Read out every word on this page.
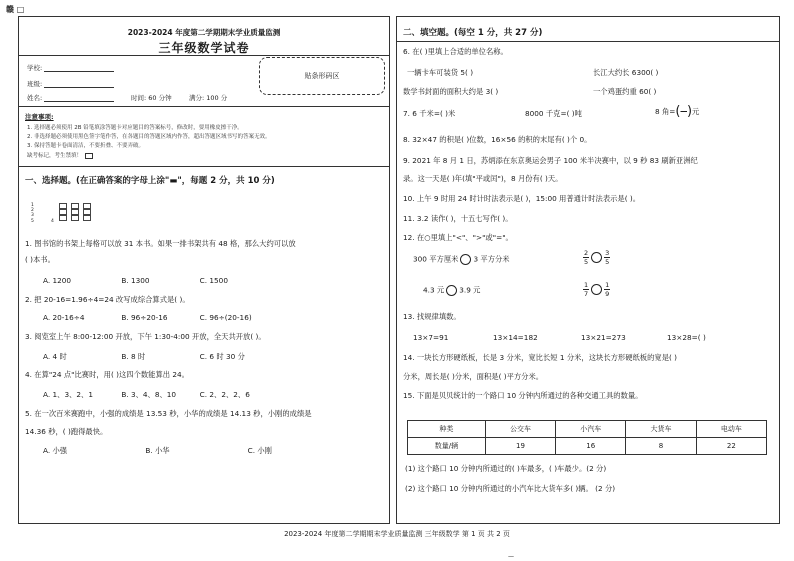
赣 □
2023-2024 年度第二学期期末学业质量监测
三年级数学试卷
学校:
班级:
姓名:	时间: 60 分钟	满分: 100 分
贴条形码区
注意事项:
1. 选择题必须使用 2B 铅笔填涂答题卡对应题目的答案标号，修改时，要用橡皮擦干净。
2. 非选择题必须使用黑色签字笔作答，在各题目的答题区域内作答，超出答题区域书写的答案无效。
3. 保持答题卡卷面清洁，不要折叠、不要弄破。
缺考标记，考生禁填！
一、选择题。(在正确答案的字母上涂"▬"，每题 2 分，共 10 分)
1
2
3
4
5
1. 图书馆的书架上每格可以放 31 本书。如果一排书架共有 48 格，那么大约可以放
( )本书。
A. 1200	B. 1300	C. 1500
2. 把 20-16=1.96÷4=24 改写成综合算式是( )。
A. 20-16÷4	B. 96÷20-16	C. 96÷(20-16)
3. 阅览室上午 8:00-12:00 开放，下午 1:30-4:00 开放，全天共开放( )。
A. 4 时	B. 8 时	C. 6 时 30 分
4. 在算"24 点"比赛时，用( )这四个数能算出 24。
A. 1、3、2、1	B. 3、4、8、10	C. 2、2、2、6
5. 在一次百米赛跑中，小强的成绩是 13.53 秒，小华的成绩是 14.13 秒，小刚的成绩是
14.36 秒，( )跑得最快。
A. 小强	B. 小华	C. 小刚
二、填空题。(每空 1 分，共 27 分)
6. 在( )里填上合适的单位名称。
一辆卡车可装货 5( )	长江大约长 6300( )
数学书封面的面积大约是 3( )	一个鸡蛋约重 60( )
7. 6 千米=( )米	8000 千克=( )吨	8 角=(⎯)元
8. 32×47 的积是( )位数，16×56 的积的末尾有( )个 0。
9. 2021 年 8 月 1 日，苏炳添在东京奥运会男子 100 米半决赛中，以 9 秒 83 刷新亚洲纪
录。这一天是( )年(填"平或闰")，8 月份有( )天。
10. 上午 9 时用 24 时计时法表示是( )，15:00 用普通计时法表示是( )。
11. 3.2 读作( )，十五七写作( )。
12. 在○里填上"<"、">"或"="。
300 平方厘米 3 平方分米	$\frac{2}{5} \frac{3}{5}$
4.3 元 3.9 元	$\frac{1}{7} \frac{1}{9}$
13. 找规律填数。
13×7=91	13×14=182	13×21=273	13×28=( )
14. 一块长方形硬纸板，长是 3 分米，宽比长短 1 分米，这块长方形硬纸板的宽是( )
分米，周长是( )分米，面积是( )平方分米。
15. 下面是贝贝统计的一个路口 10 分钟内所通过的各种交通工具的数量。
种类	公交车	小汽车	大货车	电动车
数量/辆	19	16	8	22
(1) 这个路口 10 分钟内所通过的( )车最多，( )车最少。(2 分)
(2) 这个路口 10 分钟内所通过的小汽车比大货车多( )辆。 (2 分)
2023-2024 年度第二学期期末学业质量监测 三年级数学 第 1 页 共 2 页
—
